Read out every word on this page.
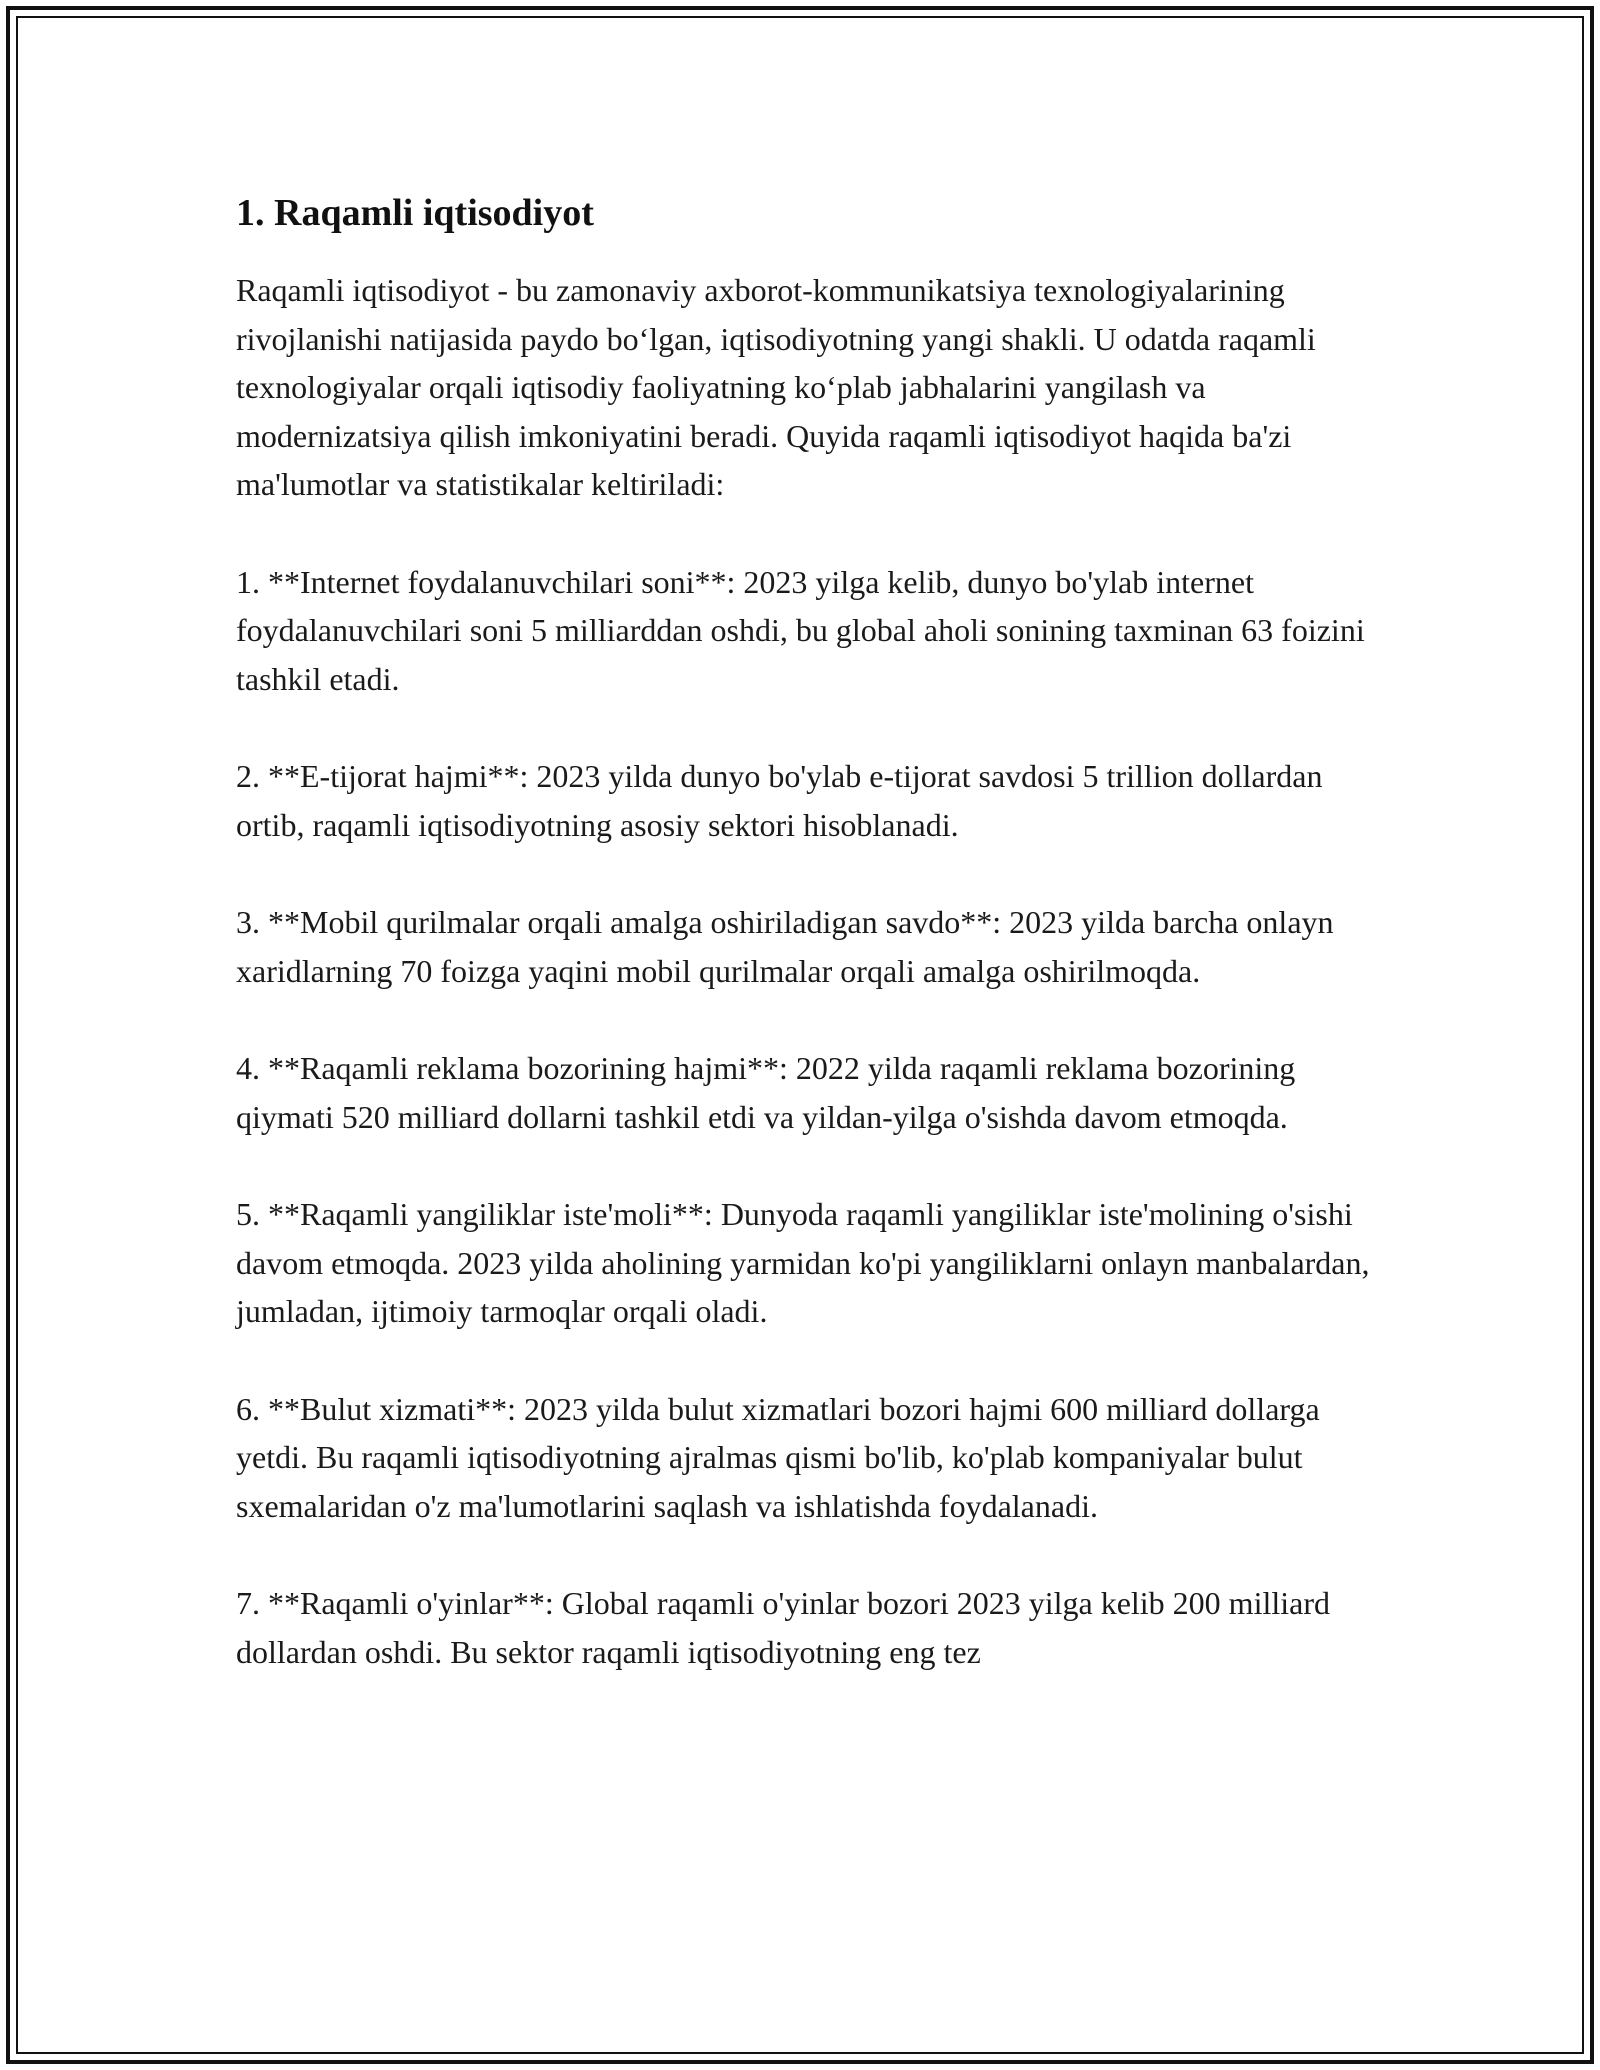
1. Raqamli iqtisodiyot

Raqamli iqtisodiyot - bu zamonaviy axborot-kommunikatsiya texnologiyalarining rivojlanishi natijasida paydo bo‘lgan, iqtisodiyotning yangi shakli. U odatda raqamli texnologiyalar orqali iqtisodiy faoliyatning ko‘plab jabhalarini yangilash va modernizatsiya qilish imkoniyatini beradi. Quyida raqamli iqtisodiyot haqida ba'zi ma'lumotlar va statistikalar keltiriladi:

1. **Internet foydalanuvchilari soni**: 2023 yilga kelib, dunyo bo'ylab internet foydalanuvchilari soni 5 milliarddan oshdi, bu global aholi sonining taxminan 63 foizini tashkil etadi.

2. **E-tijorat hajmi**: 2023 yilda dunyo bo'ylab e-tijorat savdosi 5 trillion dollardan ortib, raqamli iqtisodiyotning asosiy sektori hisoblanadi.

3. **Mobil qurilmalar orqali amalga oshiriladigan savdo**: 2023 yilda barcha onlayn xaridlarning 70 foizga yaqini mobil qurilmalar orqali amalga oshirilmoqda.

4. **Raqamli reklama bozorining hajmi**: 2022 yilda raqamli reklama bozorining qiymati 520 milliard dollarni tashkil etdi va yildan-yilga o'sishda davom etmoqda.

5. **Raqamli yangiliklar iste'moli**: Dunyoda raqamli yangiliklar iste'molining o'sishi davom etmoqda. 2023 yilda aholining yarmidan ko'pi yangiliklarni onlayn manbalardan, jumladan, ijtimoiy tarmoqlar orqali oladi.

6. **Bulut xizmati**: 2023 yilda bulut xizmatlari bozori hajmi 600 milliard dollarga yetdi. Bu raqamli iqtisodiyotning ajralmas qismi bo'lib, ko'plab kompaniyalar bulut sxemalaridan o'z ma'lumotlarini saqlash va ishlatishda foydalanadi.

7. **Raqamli o'yinlar**: Global raqamli o'yinlar bozori 2023 yilga kelib 200 milliard dollardan oshdi. Bu sektor raqamli iqtisodiyotning eng tez
